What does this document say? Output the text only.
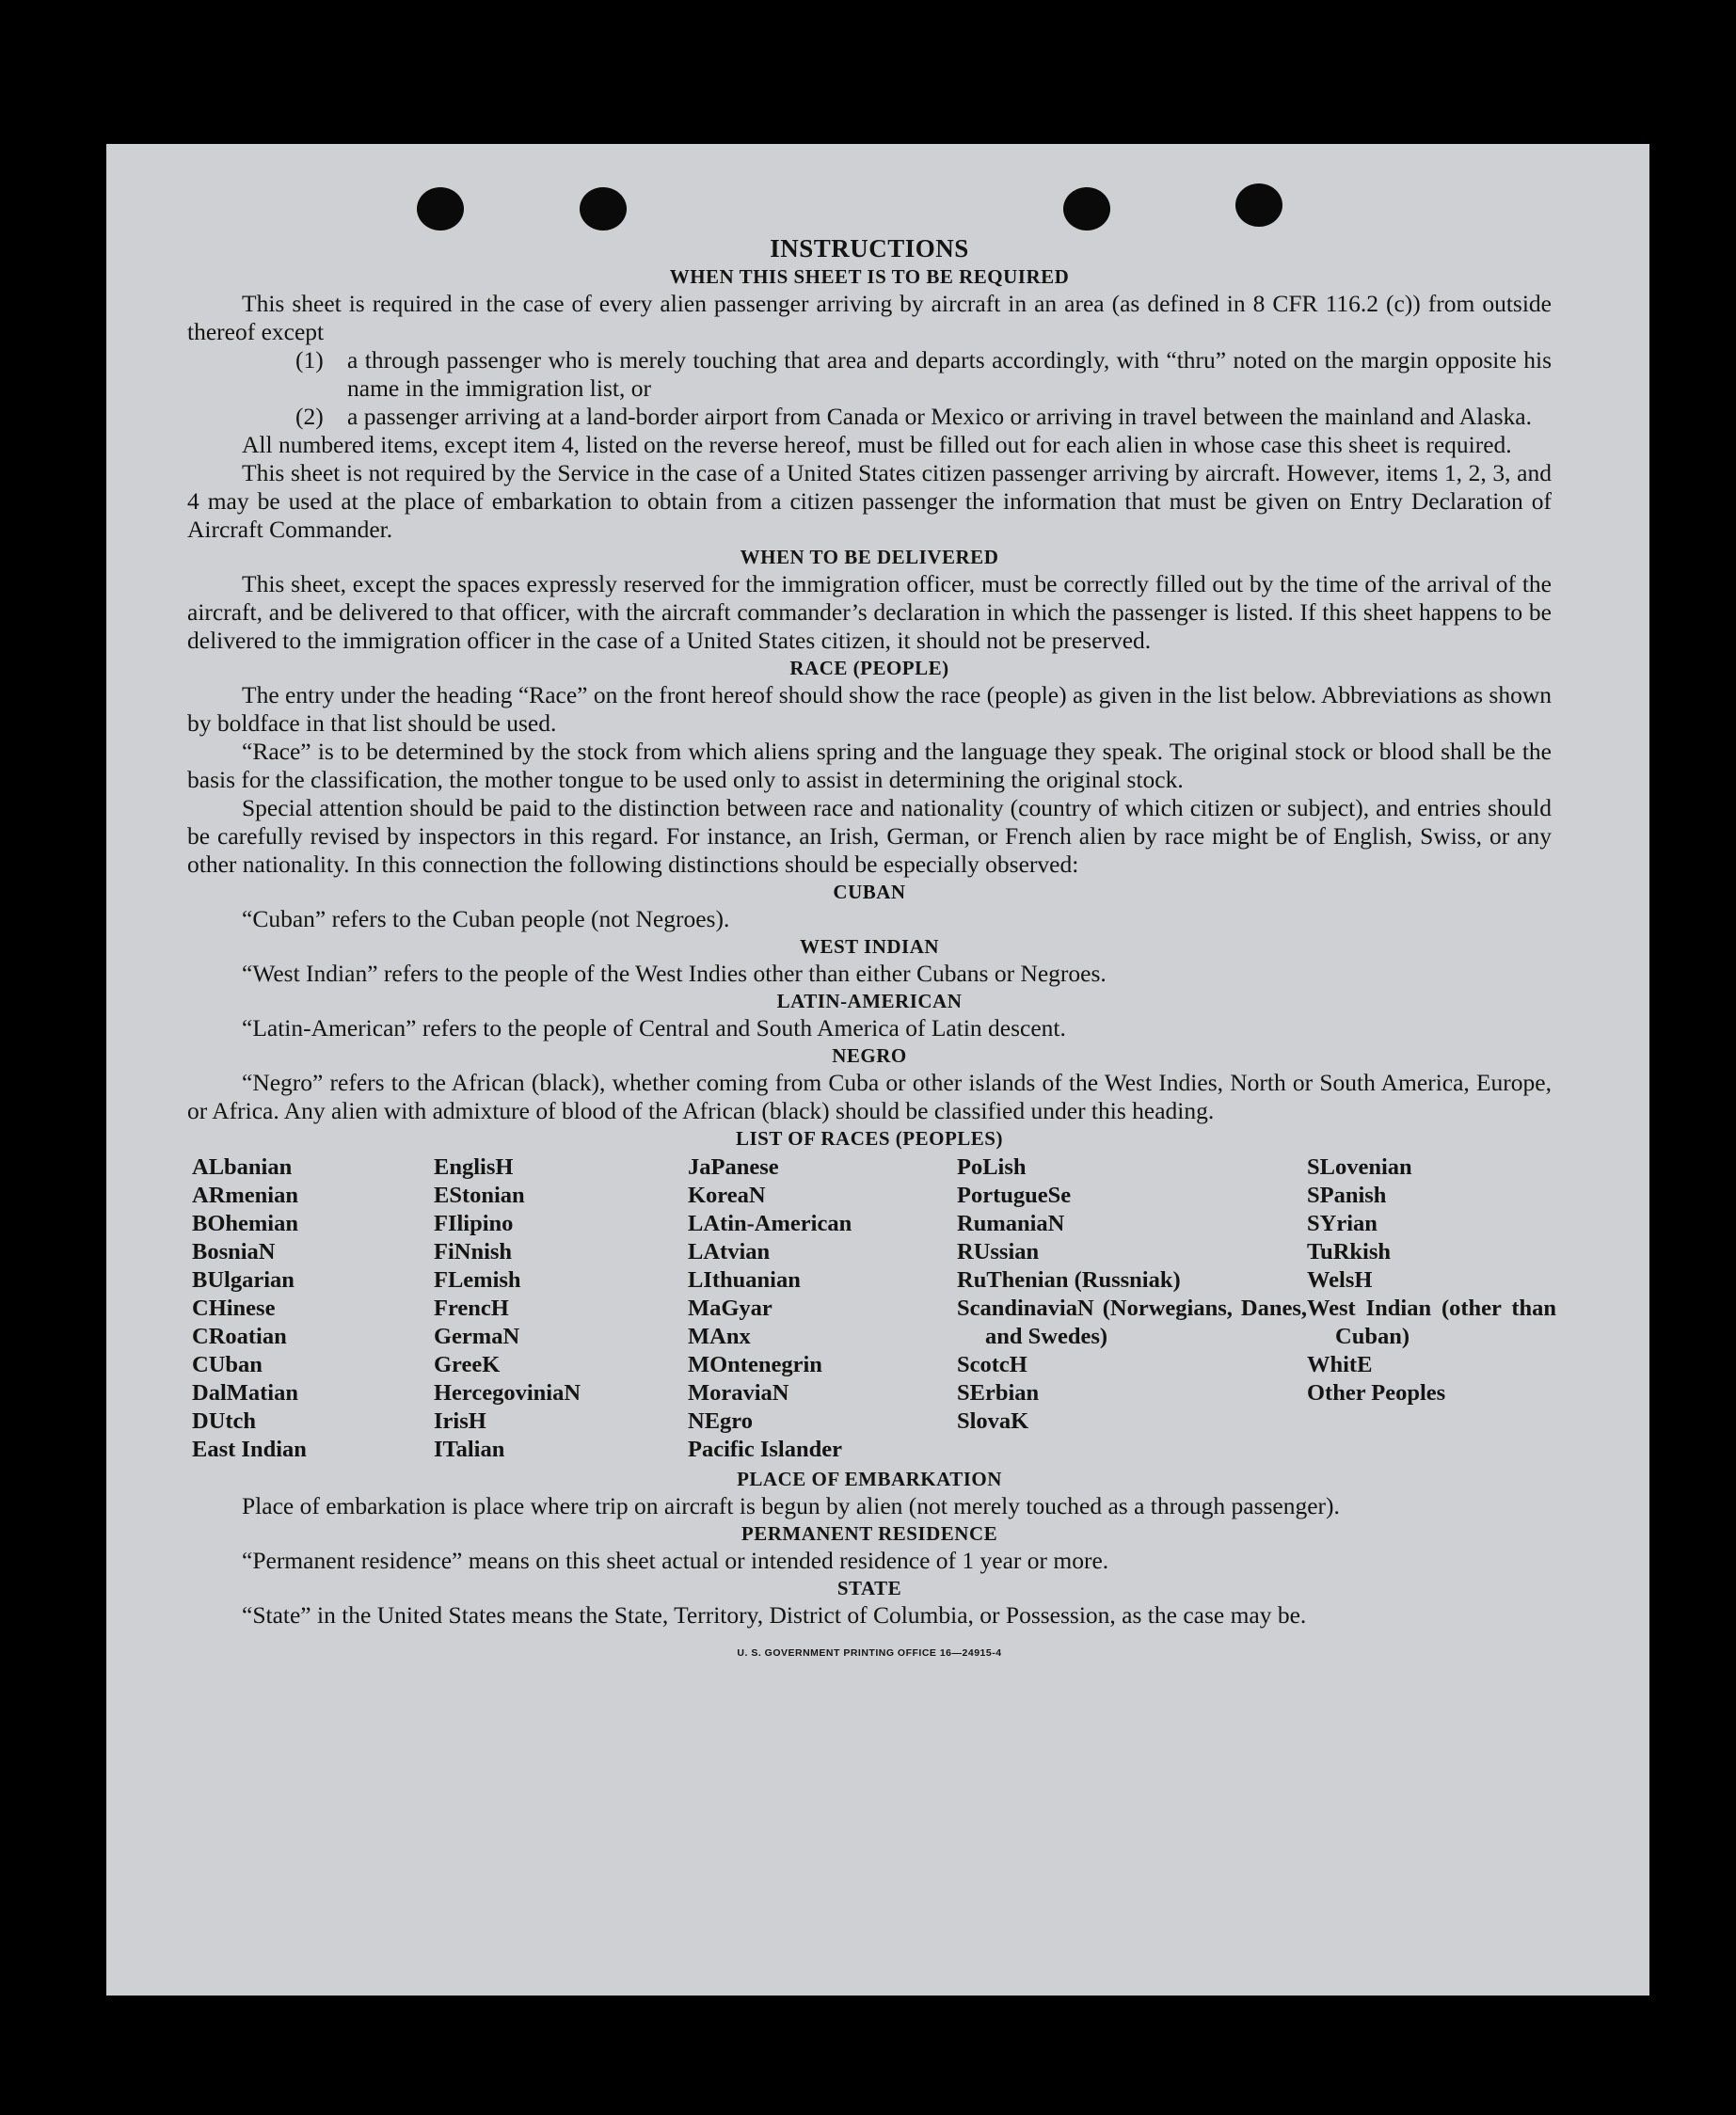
INSTRUCTIONS
WHEN THIS SHEET IS TO BE REQUIRED
This sheet is required in the case of every alien passenger arriving by aircraft in an area (as defined in 8 CFR 116.2 (c)) from outside thereof except
(1) a through passenger who is merely touching that area and departs accordingly, with “thru” noted on the margin opposite his name in the immigration list, or
(2) a passenger arriving at a land-border airport from Canada or Mexico or arriving in travel between the mainland and Alaska.
All numbered items, except item 4, listed on the reverse hereof, must be filled out for each alien in whose case this sheet is required.
This sheet is not required by the Service in the case of a United States citizen passenger arriving by aircraft. However, items 1, 2, 3, and 4 may be used at the place of embarkation to obtain from a citizen passenger the information that must be given on Entry Declaration of Aircraft Commander.
WHEN TO BE DELIVERED
This sheet, except the spaces expressly reserved for the immigration officer, must be correctly filled out by the time of the arrival of the aircraft, and be delivered to that officer, with the aircraft commander’s declaration in which the passenger is listed. If this sheet happens to be delivered to the immigration officer in the case of a United States citizen, it should not be preserved.
RACE (PEOPLE)
The entry under the heading “Race” on the front hereof should show the race (people) as given in the list below. Abbreviations as shown by boldface in that list should be used.
“Race” is to be determined by the stock from which aliens spring and the language they speak. The original stock or blood shall be the basis for the classification, the mother tongue to be used only to assist in determining the original stock.
Special attention should be paid to the distinction between race and nationality (country of which citizen or subject), and entries should be carefully revised by inspectors in this regard. For instance, an Irish, German, or French alien by race might be of English, Swiss, or any other nationality. In this connection the following distinctions should be especially observed:
CUBAN
“Cuban” refers to the Cuban people (not Negroes).
WEST INDIAN
“West Indian” refers to the people of the West Indies other than either Cubans or Negroes.
LATIN-AMERICAN
“Latin-American” refers to the people of Central and South America of Latin descent.
NEGRO
“Negro” refers to the African (black), whether coming from Cuba or other islands of the West Indies, North or South America, Europe, or Africa. Any alien with admixture of blood of the African (black) should be classified under this heading.
LIST OF RACES (PEOPLES)
ALbanian
ARmenian
BOhemian
BosniaN
BUlgarian
CHinese
CRoatian
CUban
DalMatian
DUtch
East Indian
EnglisH
EStonian
FIlipino
FiNnish
FLemish
FrencH
GermaN
GreeK
HercegovinіaN
IrisH
ITalian
JaPanese
KoreaN
LAtin-American
LAtvian
LIthuanian
MaGyar
MAnx
MOntenegrin
MoraviaN
NEgro
Pacific Islander
PoLish
PortugueSe
RumaniaN
RUssian
RuThenian (Russniak)
ScandinaviaN (Norwegians, Danes, and Swedes)
ScotcH
SErbian
SlovaK
SLovenian
SPanish
SYrian
TuRkish
WelsH
West Indian (other than Cuban)
WhitE
Other Peoples
PLACE OF EMBARKATION
Place of embarkation is place where trip on aircraft is begun by alien (not merely touched as a through passenger).
PERMANENT RESIDENCE
“Permanent residence” means on this sheet actual or intended residence of 1 year or more.
STATE
“State” in the United States means the State, Territory, District of Columbia, or Possession, as the case may be.
U. S. GOVERNMENT PRINTING OFFICE 16—24915-4
